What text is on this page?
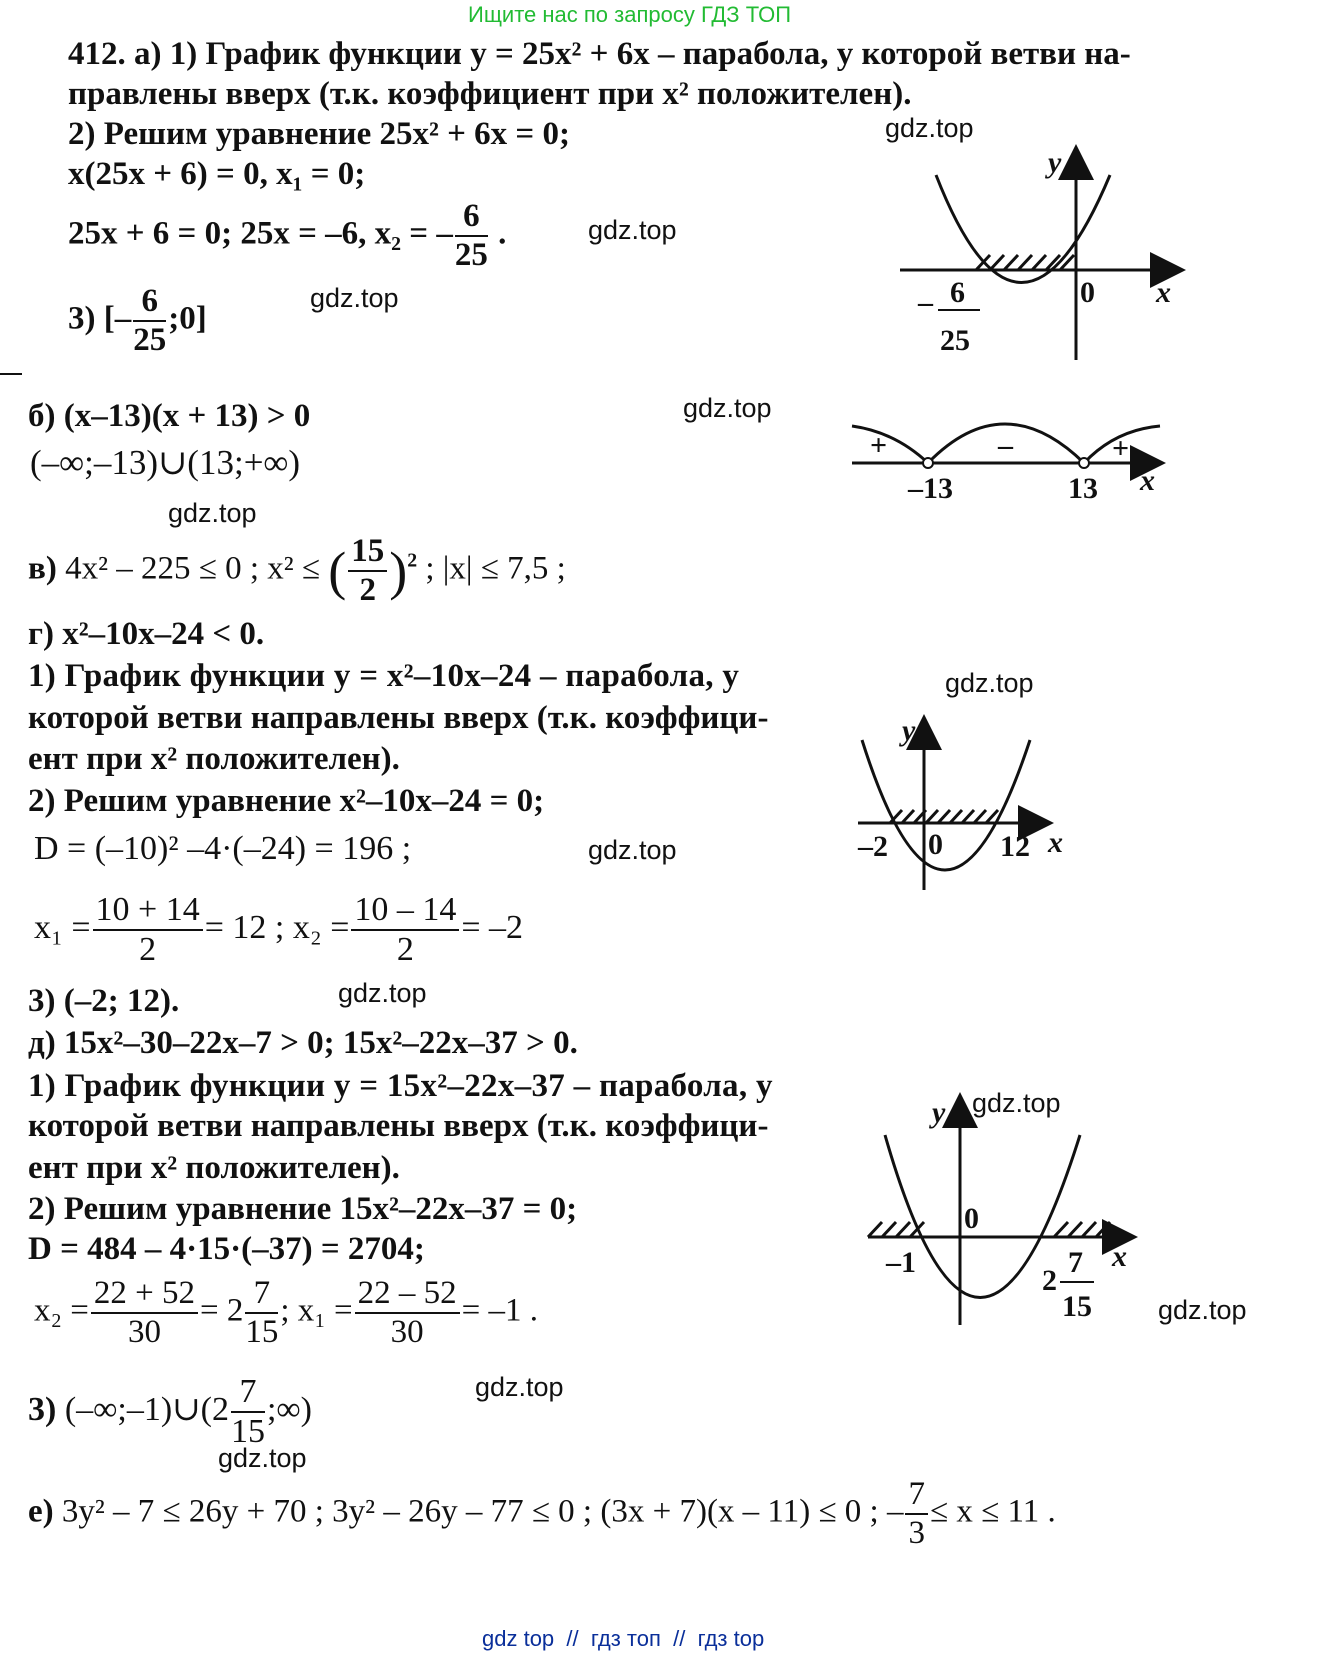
Ищите нас по запросу ГДЗ ТОП
412. а) 1) График функции y = 25x² + 6x – парабола, у которой ветви на-
правлены вверх (т.к. коэффициент при x² положителен).
2) Решим уравнение 25x² + 6x = 0;
x(25x + 6) = 0, x₁ = 0;
25x + 6 = 0; 25x = –6, x₂ = – $\frac{6}{25}$ .
3) [– $\frac{6}{25}$ ;0]
gdz.top
gdz.top
gdz.top
y
x
0
6
–
25
б) (x–13)(x + 13) > 0
(–∞;–13)∪(13;+∞)
gdz.top
gdz.top
+	–	+
–13	13 x
в) 4x² – 225 ≤ 0 ; x² ≤ ( $\frac{15}{2} )^2$ ; |x| ≤ 7,5 ;
г) x²–10x–24 < 0.
1) График функции y = x²–10x–24 – парабола, у
которой ветви направлены вверх (т.к. коэффици-
ент при x² положителен).
2) Решим уравнение x²–10x–24 = 0;
D = (–10)² –4·(–24) = 196 ;
$x_1 = \frac{10 + 14}{2} = 12$ ; $x_2 = \frac{10 - 14}{2} = -2$
3) (–2; 12).
gdz.top
gdz.top
gdz.top
y
x
0
–2	12
д) 15x²–30–22x–7 > 0; 15x²–22x–37 > 0.
1) График функции y = 15x²–22x–37 – парабола, у
которой ветви направлены вверх (т.к. коэффици-
ент при x² положителен).
2) Решим уравнение 15x²–22x–37 = 0;
D = 484 – 4·15·(–37) = 2704;
$x_2 = \frac{22 + 52}{30} = 2 \frac{7}{15}$ ; $x_1 = \frac{22 - 52}{30} = -1$ .
3) (–∞;–1)∪(2 $\frac{7}{15}$ ;∞)
gdz.top
gdz.top
gdz.top
gdz.top
y
x
0
–1
2
7
15
е) 3y² – 7 ≤ 26y + 70 ; 3y² – 26y – 77 ≤ 0 ; (3x + 7)(x – 11) ≤ 0 ; – $\frac{7}{3} \le x \le 11$ .
gdz top  //  гдз топ  //  гдз top
